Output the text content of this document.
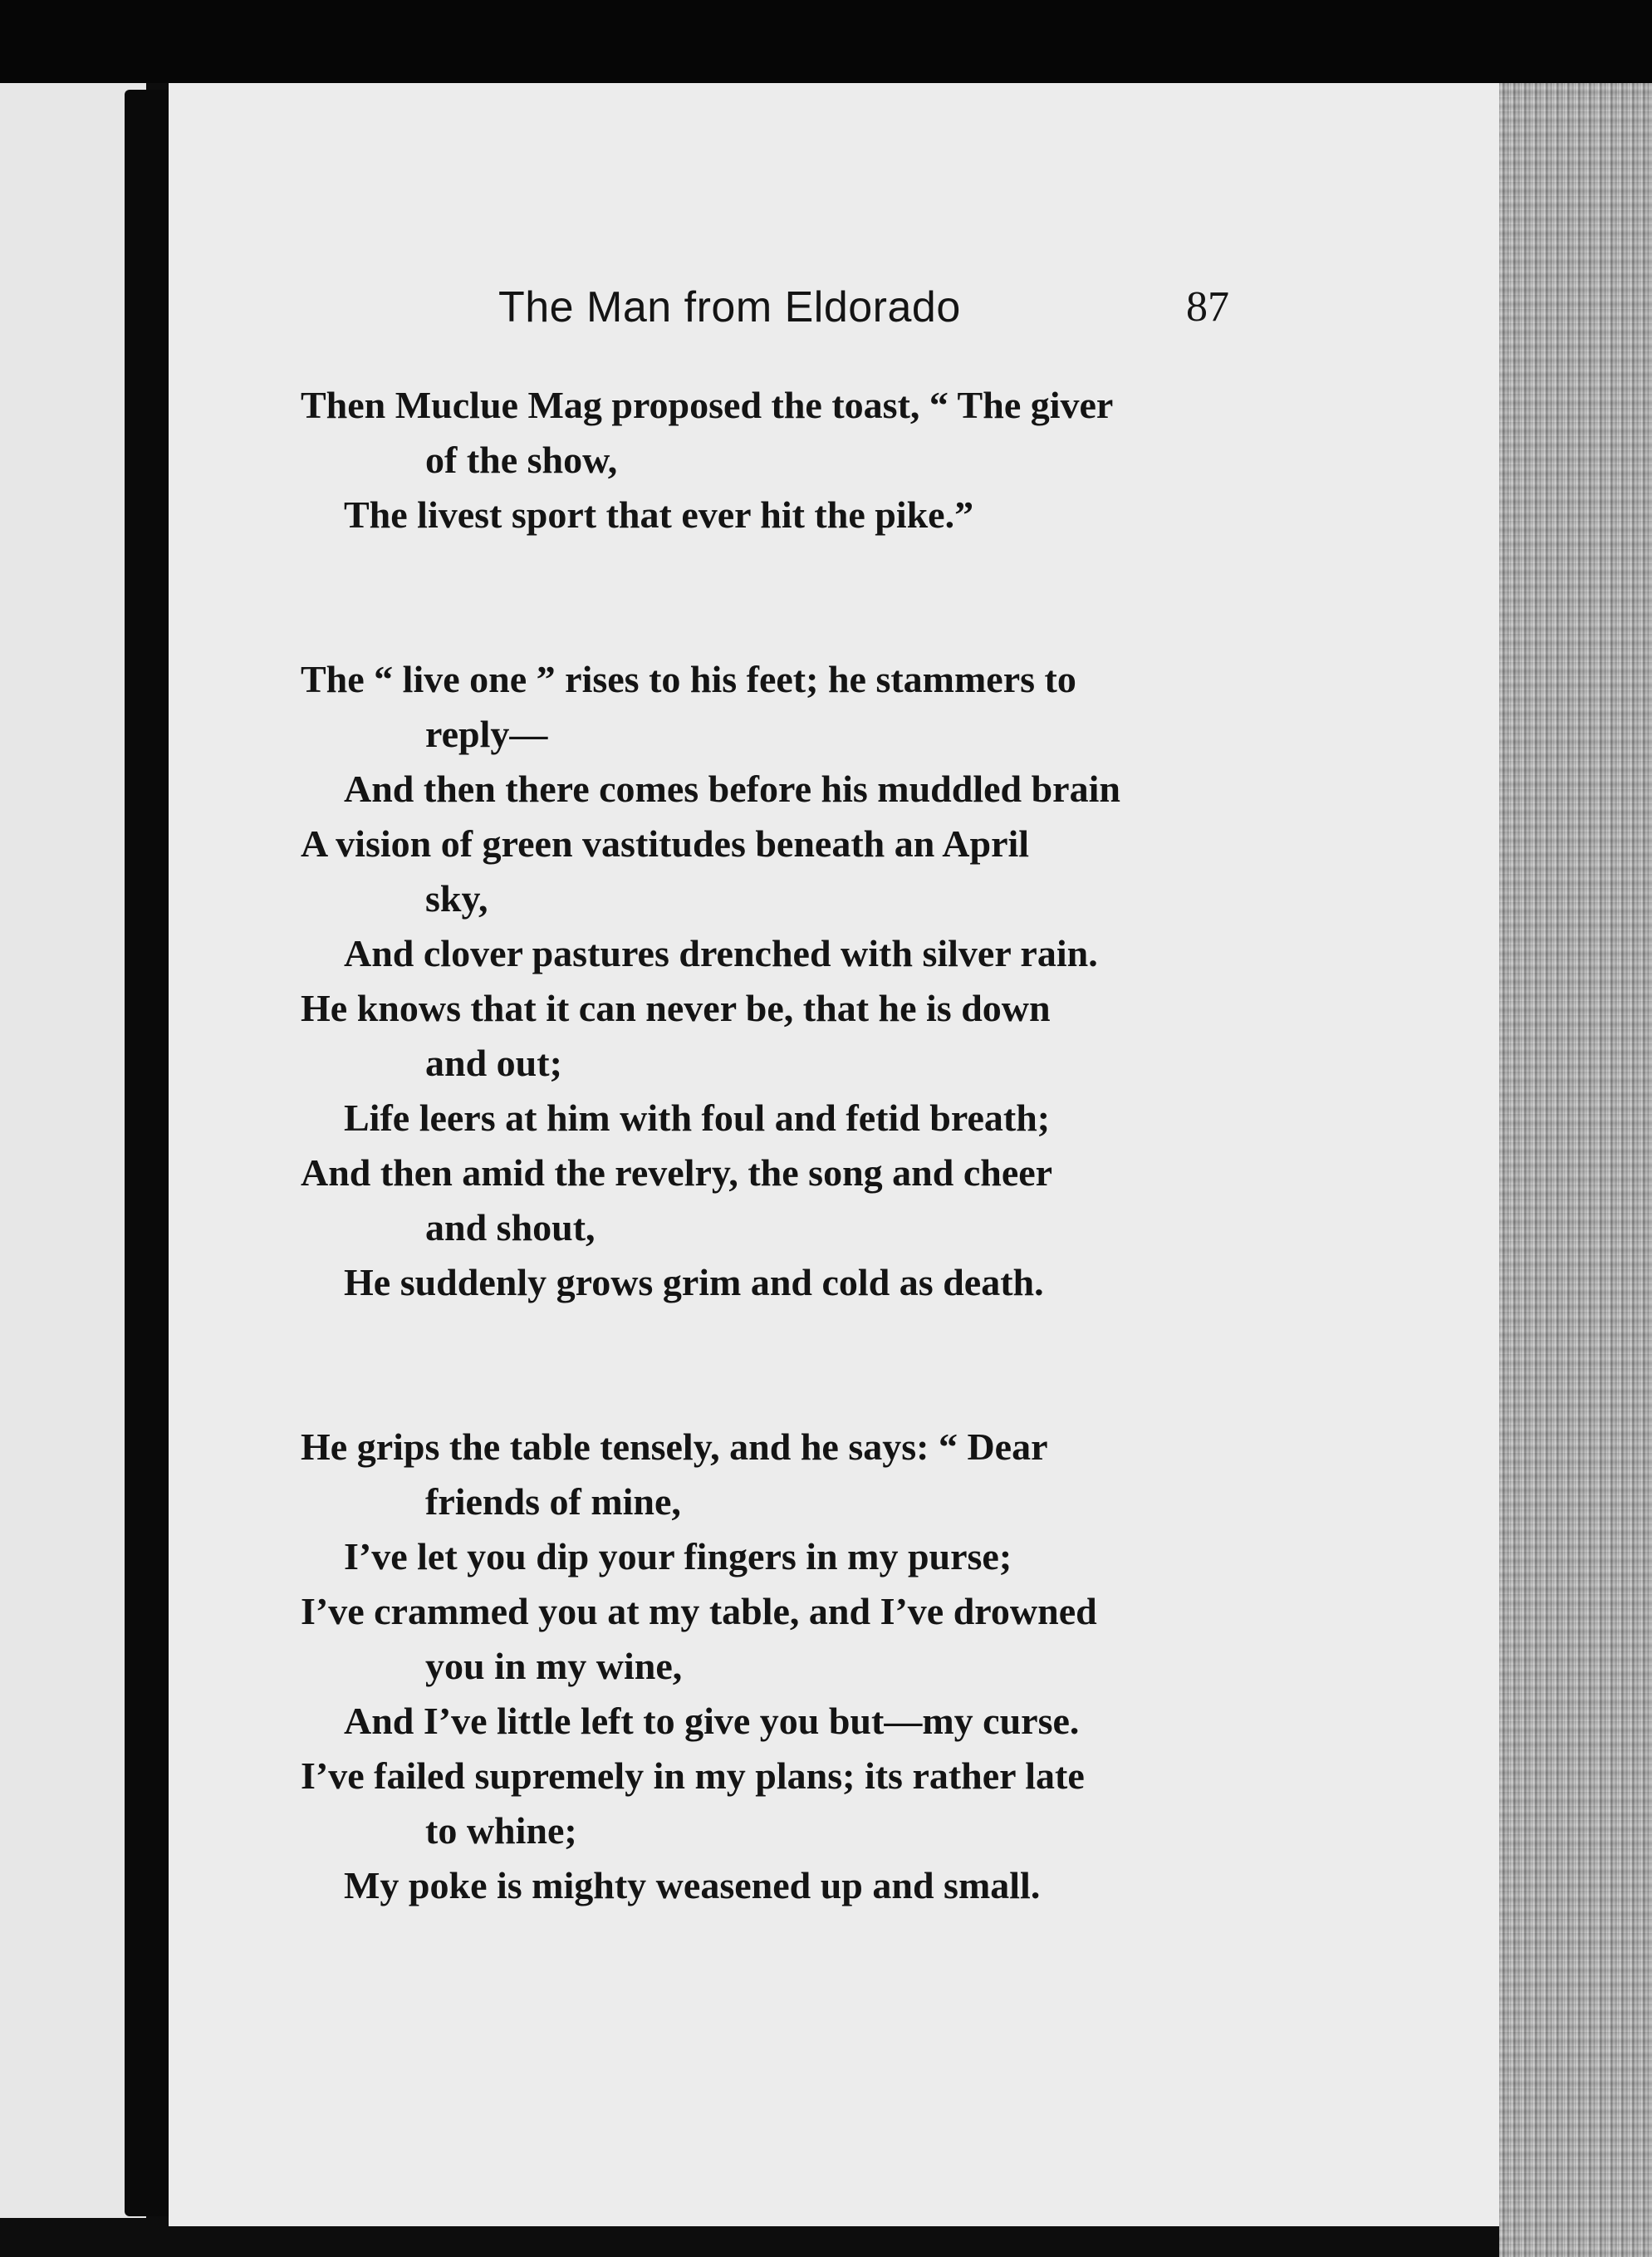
The Man from Eldorado	87
Then Muclue Mag proposed the toast, “ The giver
of the show,
The livest sport that ever hit the pike.”
The “ live one ” rises to his feet; he stammers to
reply—
And then there comes before his muddled brain
A vision of green vastitudes beneath an April
sky,
And clover pastures drenched with silver rain.
He knows that it can never be, that he is down
and out;
Life leers at him with foul and fetid breath;
And then amid the revelry, the song and cheer
and shout,
He suddenly grows grim and cold as death.
He grips the table tensely, and he says: “ Dear
friends of mine,
I’ve let you dip your fingers in my purse;
I’ve crammed you at my table, and I’ve drowned
you in my wine,
And I’ve little left to give you but—my curse.
I’ve failed supremely in my plans; its rather late
to whine;
My poke is mighty weasened up and small.
